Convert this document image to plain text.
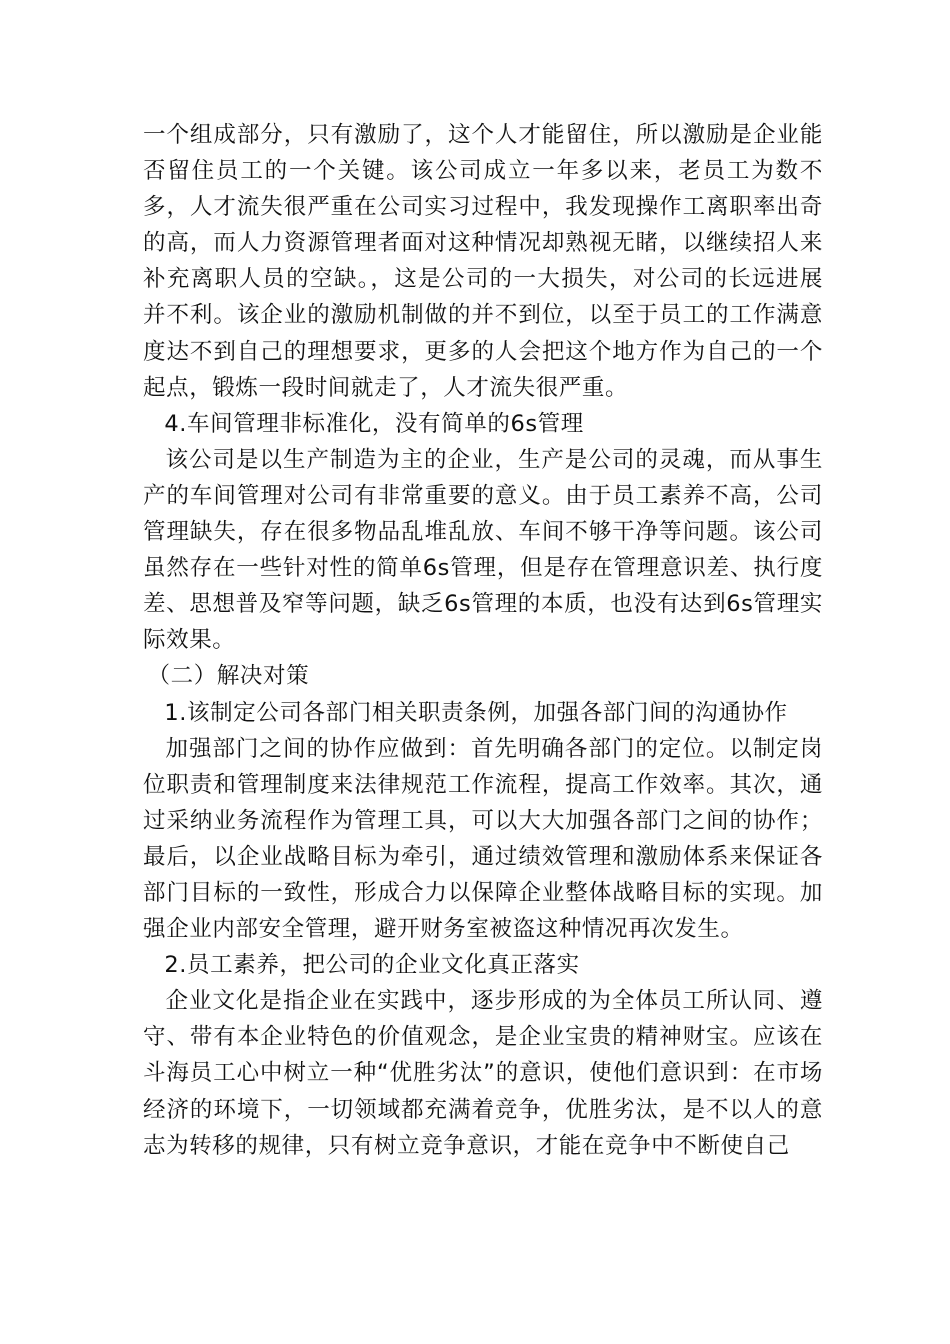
一个组成部分，只有激励了，这个人才能留住，所以激励是企业能否留住员工的一个关键。该公司成立一年多以来，老员工为数不多，人才流失很严重在公司实习过程中，我发现操作工离职率出奇的高，而人力资源管理者面对这种情况却熟视无睹，以继续招人来补充离职人员的空缺。，这是公司的一大损失，对公司的长远进展并不利。该企业的激励机制做的并不到位，以至于员工的工作满意度达不到自己的理想要求，更多的人会把这个地方作为自己的一个起点，锻炼一段时间就走了，人才流失很严重。

4.车间管理非标准化，没有简单的6s管理

该公司是以生产制造为主的企业，生产是公司的灵魂，而从事生产的车间管理对公司有非常重要的意义。由于员工素养不高，公司管理缺失，存在很多物品乱堆乱放、车间不够干净等问题。该公司虽然存在一些针对性的简单6s管理，但是存在管理意识差、执行度差、思想普及窄等问题，缺乏6s管理的本质，也没有达到6s管理实际效果。

（二）解决对策

1.该制定公司各部门相关职责条例，加强各部门间的沟通协作

加强部门之间的协作应做到：首先明确各部门的定位。以制定岗位职责和管理制度来法律规范工作流程，提高工作效率。其次，通过采纳业务流程作为管理工具，可以大大加强各部门之间的协作；最后，以企业战略目标为牵引，通过绩效管理和激励体系来保证各部门目标的一致性，形成合力以保障企业整体战略目标的实现。加强企业内部安全管理，避开财务室被盗这种情况再次发生。

2.员工素养，把公司的企业文化真正落实

企业文化是指企业在实践中，逐步形成的为全体员工所认同、遵守、带有本企业特色的价值观念，是企业宝贵的精神财宝。应该在斗海员工心中树立一种“优胜劣汰”的意识，使他们意识到：在市场经济的环境下，一切领域都充满着竞争，优胜劣汰，是不以人的意志为转移的规律，只有树立竞争意识，才能在竞争中不断使自己
